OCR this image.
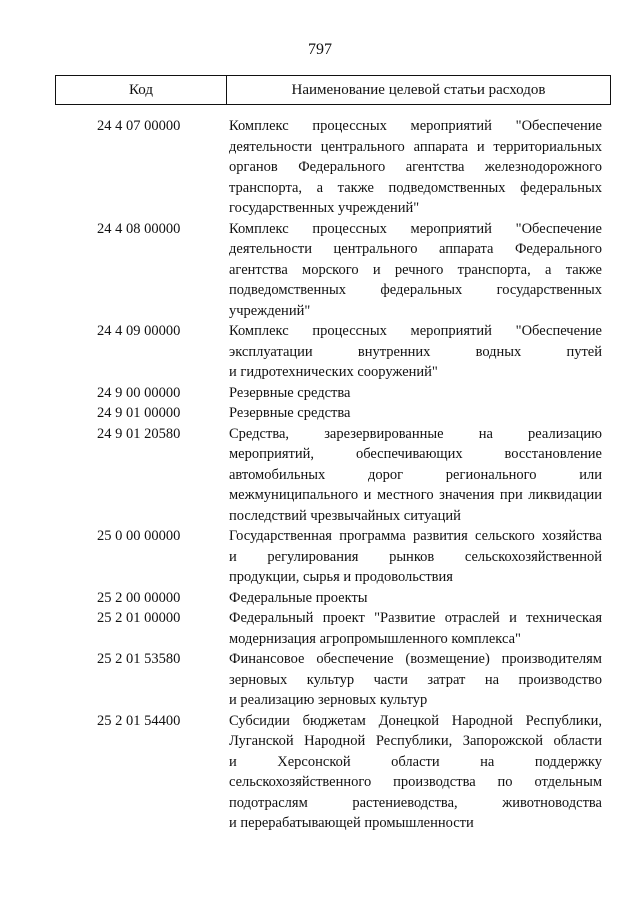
797
Код	Наименование целевой статьи расходов
24 4 07 00000	Комплекс процессных мероприятий "Обеспечение
деятельности центрального аппарата и территориальных
органов Федерального агентства железнодорожного
транспорта, а также подведомственных федеральных
государственных учреждений"
24 4 08 00000	Комплекс процессных мероприятий "Обеспечение
деятельности центрального аппарата Федерального
агентства морского и речного транспорта, а также
подведомственных федеральных государственных
учреждений"
24 4 09 00000	Комплекс процессных мероприятий "Обеспечение
эксплуатации внутренних водных путей
и гидротехнических сооружений"
24 9 00 00000	Резервные средства
24 9 01 00000	Резервные средства
24 9 01 20580	Средства, зарезервированные на реализацию
мероприятий, обеспечивающих восстановление
автомобильных дорог регионального или
межмуниципального и местного значения при ликвидации
последствий чрезвычайных ситуаций
25 0 00 00000	Государственная программа развития сельского хозяйства
и регулирования рынков сельскохозяйственной
продукции, сырья и продовольствия
25 2 00 00000	Федеральные проекты
25 2 01 00000	Федеральный проект "Развитие отраслей и техническая
модернизация агропромышленного комплекса"
25 2 01 53580	Финансовое обеспечение (возмещение) производителям
зерновых культур части затрат на производство
и реализацию зерновых культур
25 2 01 54400	Субсидии бюджетам Донецкой Народной Республики,
Луганской Народной Республики, Запорожской области
и Херсонской области на поддержку
сельскохозяйственного производства по отдельным
подотраслям растениеводства, животноводства
и перерабатывающей промышленности
